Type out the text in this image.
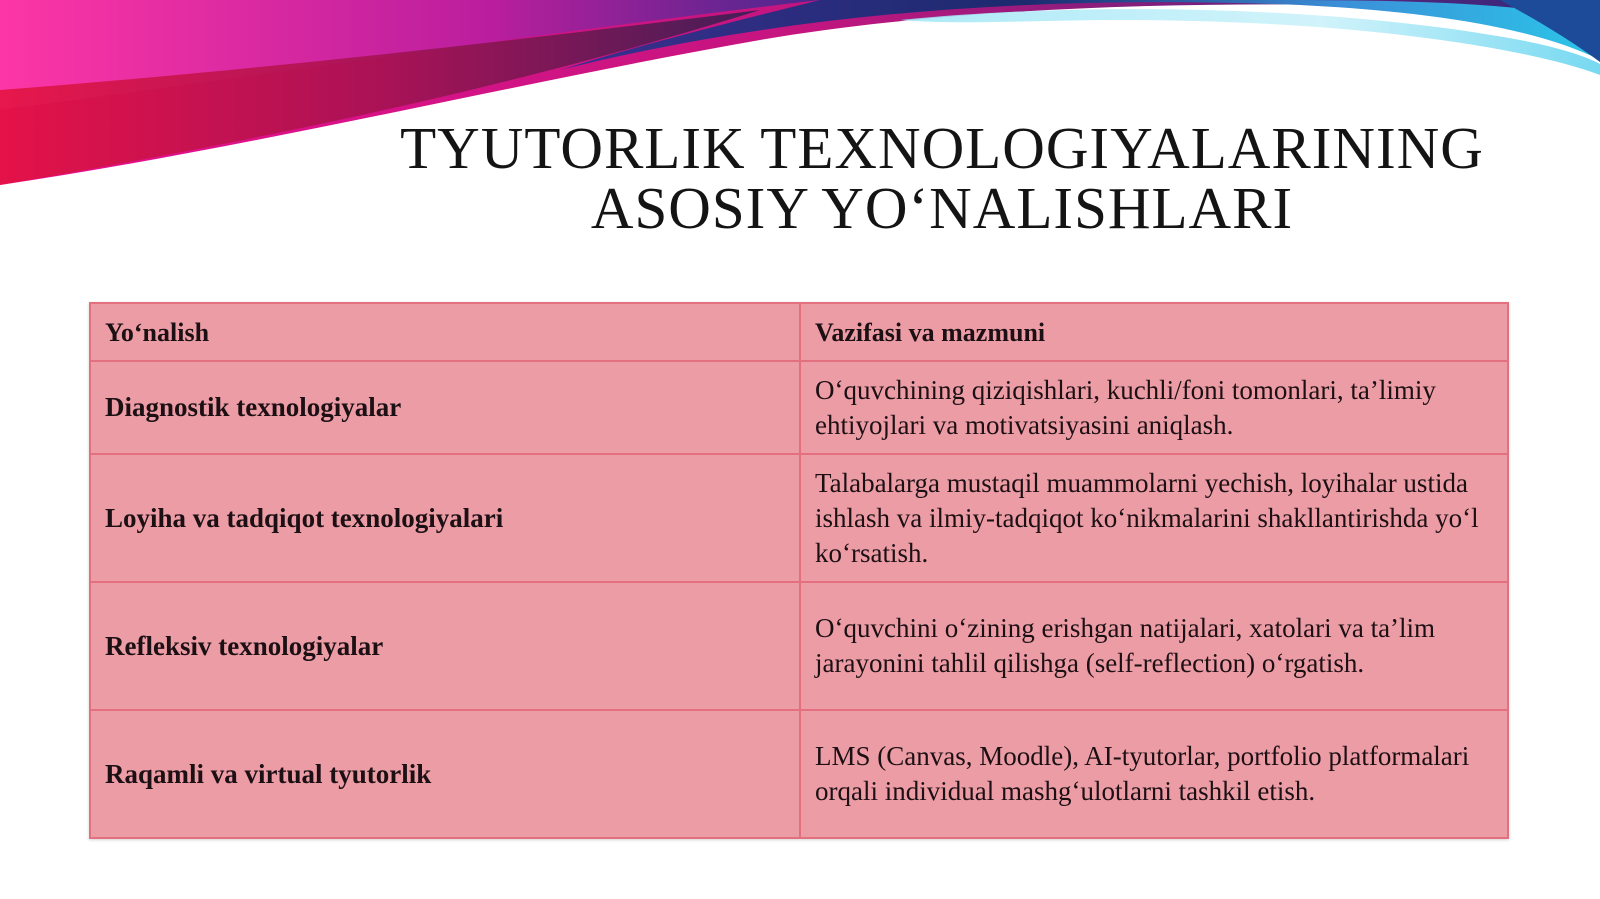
TYUTORLIK TEXNOLOGIYALARINING
ASOSIY YO‘NALISHLARI
Yo‘nalish	Vazifasi va mazmuni
Diagnostik texnologiyalar	O‘quvchining qiziqishlari, kuchli/foni tomonlari, ta’limiy ehtiyojlari va motivatsiyasini aniqlash.
Loyiha va tadqiqot texnologiyalari	Talabalarga mustaqil muammolarni yechish, loyihalar ustida ishlash va ilmiy-tadqiqot ko‘nikmalarini shakllantirishda yo‘l ko‘rsatish.
Refleksiv texnologiyalar	O‘quvchini o‘zining erishgan natijalari, xatolari va ta’lim jarayonini tahlil qilishga (self-reflection) o‘rgatish.
Raqamli va virtual tyutorlik	LMS (Canvas, Moodle), AI-tyutorlar, portfolio platformalari orqali individual mashg‘ulotlarni tashkil etish.
